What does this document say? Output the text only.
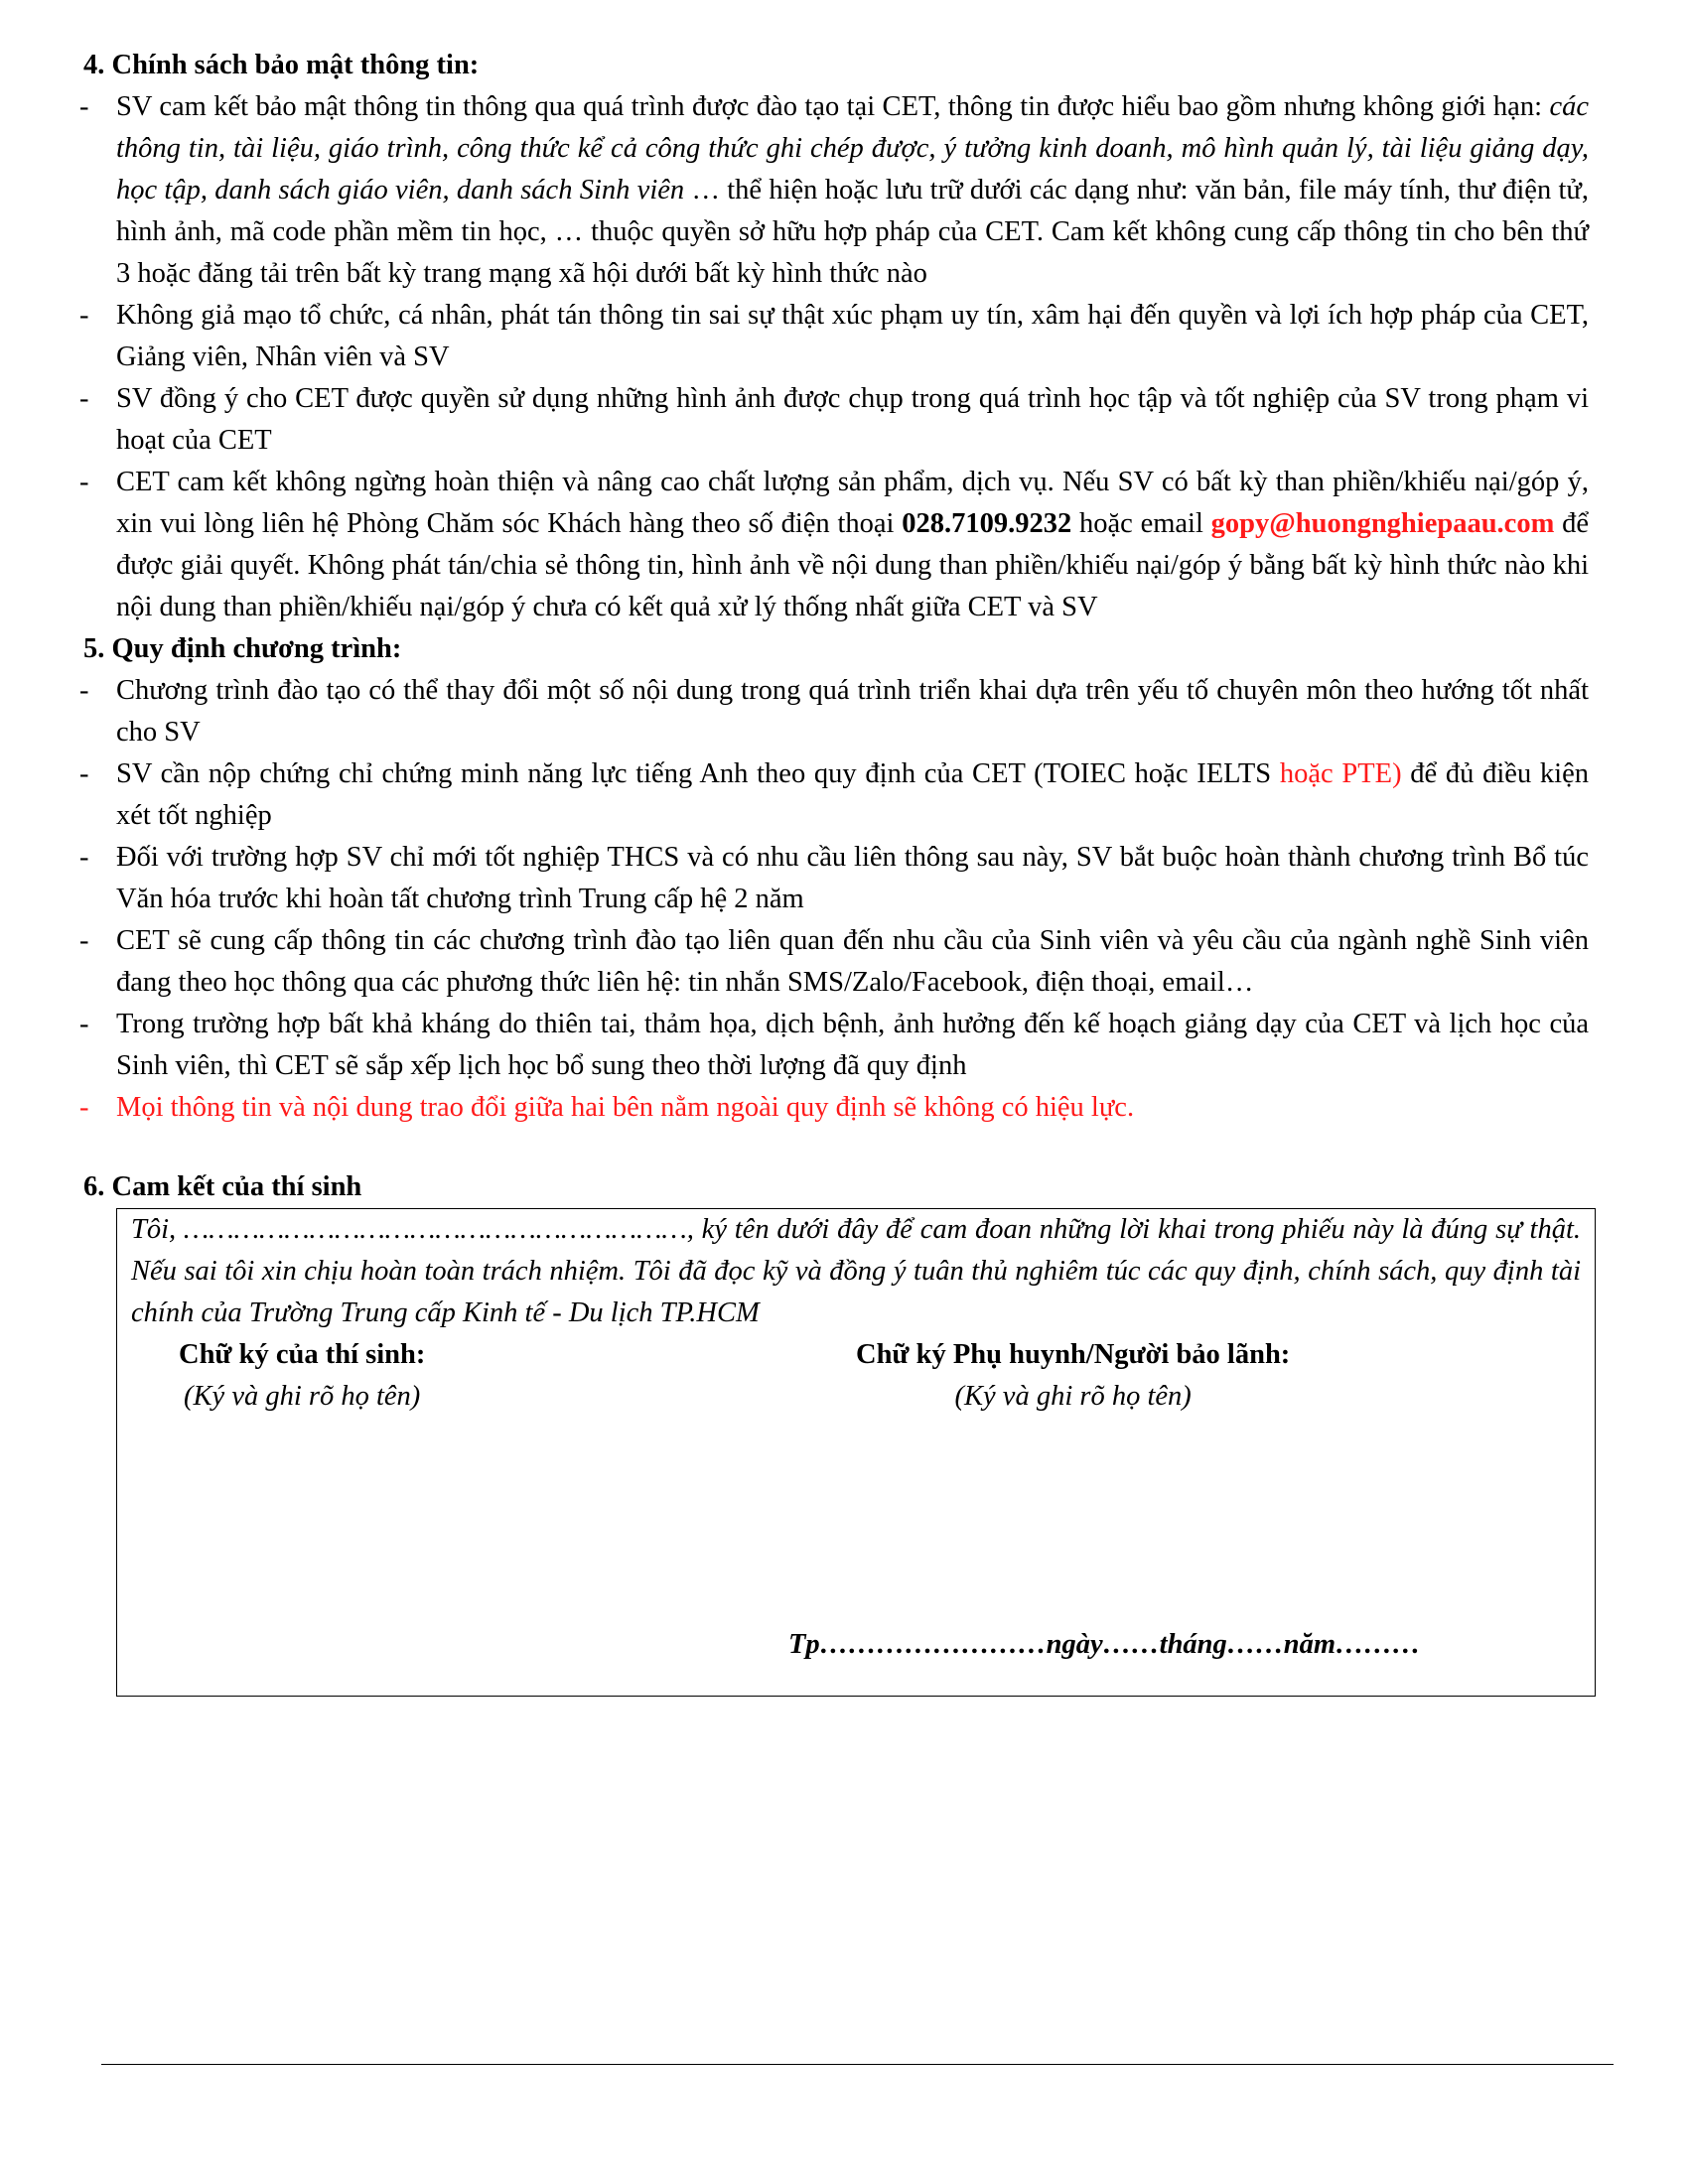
4. Chính sách bảo mật thông tin:

- SV cam kết bảo mật thông tin thông qua quá trình được đào tạo tại CET, thông tin được hiểu bao gồm nhưng không giới hạn: các thông tin, tài liệu, giáo trình, công thức kể cả công thức ghi chép được, ý tưởng kinh doanh, mô hình quản lý, tài liệu giảng dạy, học tập, danh sách giáo viên, danh sách Sinh viên … thể hiện hoặc lưu trữ dưới các dạng như: văn bản, file máy tính, thư điện tử, hình ảnh, mã code phần mềm tin học, … thuộc quyền sở hữu hợp pháp của CET. Cam kết không cung cấp thông tin cho bên thứ 3 hoặc đăng tải trên bất kỳ trang mạng xã hội dưới bất kỳ hình thức nào

- Không giả mạo tổ chức, cá nhân, phát tán thông tin sai sự thật xúc phạm uy tín, xâm hại đến quyền và lợi ích hợp pháp của CET, Giảng viên, Nhân viên và SV

- SV đồng ý cho CET được quyền sử dụng những hình ảnh được chụp trong quá trình học tập và tốt nghiệp của SV trong phạm vi hoạt của CET

- CET cam kết không ngừng hoàn thiện và nâng cao chất lượng sản phẩm, dịch vụ. Nếu SV có bất kỳ than phiền/khiếu nại/góp ý, xin vui lòng liên hệ Phòng Chăm sóc Khách hàng theo số điện thoại 028.7109.9232 hoặc email gopy@huongnghiepaau.com để được giải quyết. Không phát tán/chia sẻ thông tin, hình ảnh về nội dung than phiền/khiếu nại/góp ý bằng bất kỳ hình thức nào khi nội dung than phiền/khiếu nại/góp ý chưa có kết quả xử lý thống nhất giữa CET và SV

5. Quy định chương trình:

- Chương trình đào tạo có thể thay đổi một số nội dung trong quá trình triển khai dựa trên yếu tố chuyên môn theo hướng tốt nhất cho SV

- SV cần nộp chứng chỉ chứng minh năng lực tiếng Anh theo quy định của CET (TOIEC hoặc IELTS hoặc PTE) để đủ điều kiện xét tốt nghiệp

- Đối với trường hợp SV chỉ mới tốt nghiệp THCS và có nhu cầu liên thông sau này, SV bắt buộc hoàn thành chương trình Bổ túc Văn hóa trước khi hoàn tất chương trình Trung cấp hệ 2 năm

- CET sẽ cung cấp thông tin các chương trình đào tạo liên quan đến nhu cầu của Sinh viên và yêu cầu của ngành nghề Sinh viên đang theo học thông qua các phương thức liên hệ: tin nhắn SMS/Zalo/Facebook, điện thoại, email…

- Trong trường hợp bất khả kháng do thiên tai, thảm họa, dịch bệnh, ảnh hưởng đến kế hoạch giảng dạy của CET và lịch học của Sinh viên, thì CET sẽ sắp xếp lịch học bổ sung theo thời lượng đã quy định

- Mọi thông tin và nội dung trao đổi giữa hai bên nằm ngoài quy định sẽ không có hiệu lực.

6. Cam kết của thí sinh

Tôi, ……………………………………………………, ký tên dưới đây để cam đoan những lời khai trong phiếu này là đúng sự thật. Nếu sai tôi xin chịu hoàn toàn trách nhiệm. Tôi đã đọc kỹ và đồng ý tuân thủ nghiêm túc các quy định, chính sách, quy định tài chính của Trường Trung cấp Kinh tế - Du lịch TP.HCM

Chữ ký của thí sinh:
(Ký và ghi rõ họ tên)
Chữ ký Phụ huynh/Người bảo lãnh:
(Ký và ghi rõ họ tên)
Tp……………………ngày……tháng……năm………
